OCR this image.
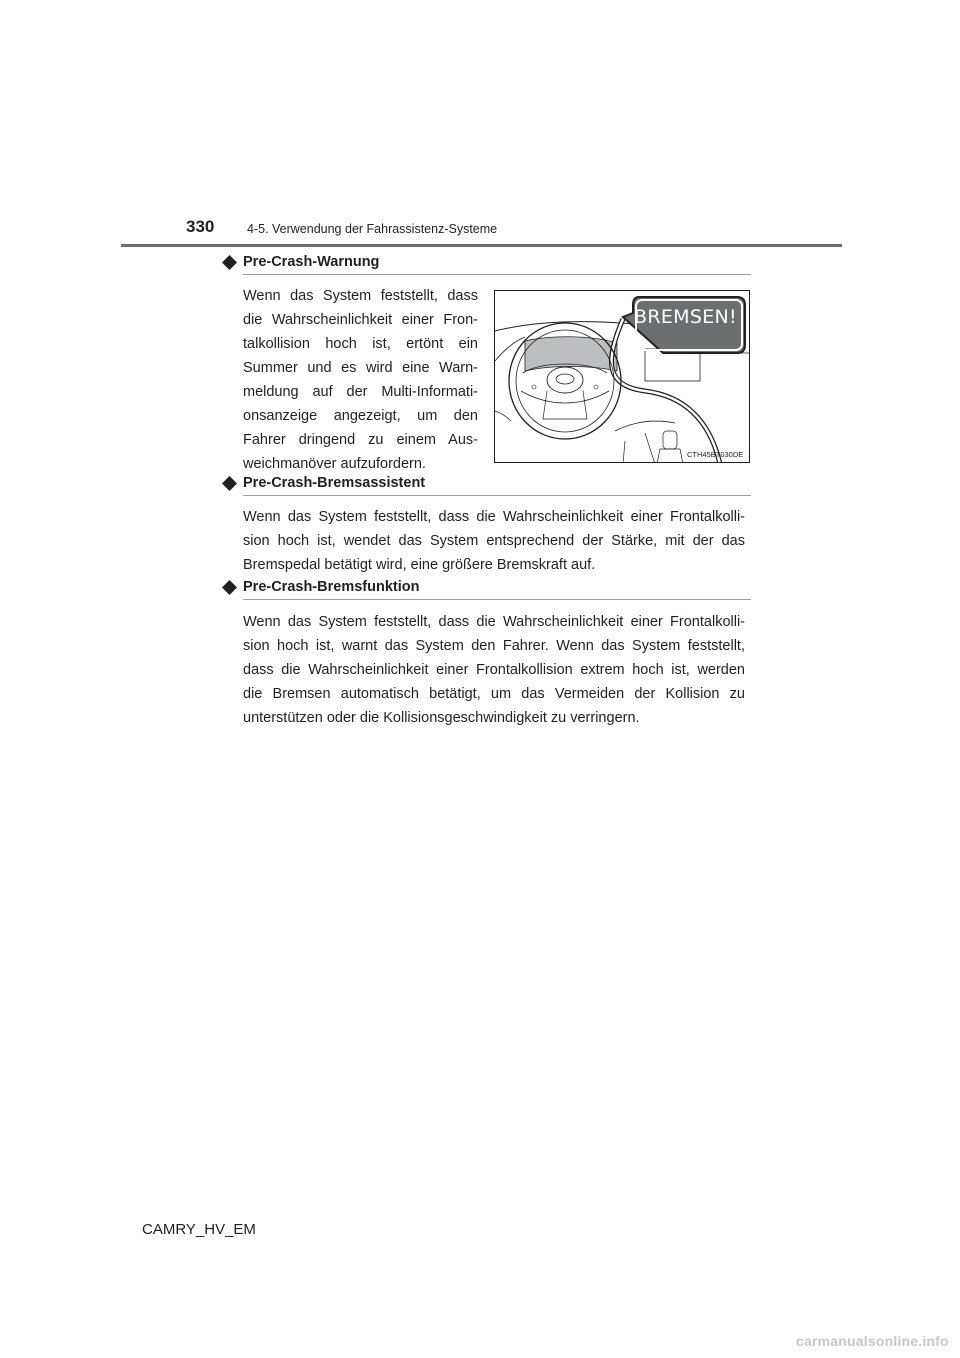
330	4-5. Verwendung der Fahrassistenz-Systeme
Pre-Crash-Warnung
Wenn das System feststellt, dass
die Wahrscheinlichkeit einer Fron-
talkollision hoch ist, ertönt ein
Summer und es wird eine Warn-
meldung auf der Multi-Informati-
onsanzeige angezeigt, um den
Fahrer dringend zu einem Aus-
weichmanöver aufzufordern.
BREMSEN!
CTH45BT030DE
Pre-Crash-Bremsassistent
Wenn das System feststellt, dass die Wahrscheinlichkeit einer Frontalkolli-
sion hoch ist, wendet das System entsprechend der Stärke, mit der das
Bremspedal betätigt wird, eine größere Bremskraft auf.
Pre-Crash-Bremsfunktion
Wenn das System feststellt, dass die Wahrscheinlichkeit einer Frontalkolli-
sion hoch ist, warnt das System den Fahrer. Wenn das System feststellt,
dass die Wahrscheinlichkeit einer Frontalkollision extrem hoch ist, werden
die Bremsen automatisch betätigt, um das Vermeiden der Kollision zu
unterstützen oder die Kollisionsgeschwindigkeit zu verringern.
CAMRY_HV_EM
carmanualsonline.info
